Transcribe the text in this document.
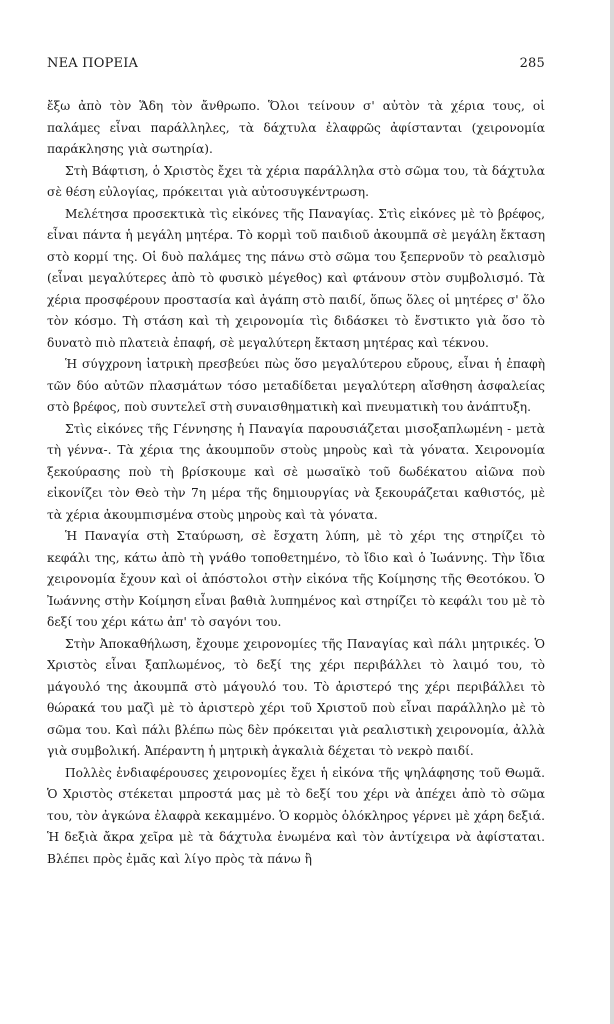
ΝΕΑ ΠΟΡΕΙΑ	285

ἔξω ἀπὸ τὸν Ἅδη τὸν ἄνθρωπο. Ὅλοι τείνουν σ' αὐτὸν τὰ χέρια τους, οἱ παλάμες εἶναι παράλληλες, τὰ δάχτυλα ἐλαφρῶς ἀφίστανται (χειρονομία παράκλησης γιὰ σωτηρία).

Στὴ Βάφτιση, ὁ Χριστὸς ἔχει τὰ χέρια παράλληλα στὸ σῶμα του, τὰ δάχτυλα σὲ θέση εὐλογίας, πρόκειται γιὰ αὐτοσυγκέντρωση.

Μελέτησα προσεκτικὰ τὶς εἰκόνες τῆς Παναγίας. Στὶς εἰκόνες μὲ τὸ βρέφος, εἶναι πάντα ἡ μεγάλη μητέρα. Τὸ κορμὶ τοῦ παιδιοῦ ἀκουμπᾶ σὲ μεγάλη ἔκταση στὸ κορμί της. Οἱ δυὸ παλάμες της πάνω στὸ σῶμα του ξεπερνοῦν τὸ ρεαλισμὸ (εἶναι μεγαλύτερες ἀπὸ τὸ φυσικὸ μέγεθος) καὶ φτάνουν στὸν συμβολισμό. Τὰ χέρια προσφέρουν προστασία καὶ ἀγάπη στὸ παιδί, ὅπως ὅλες οἱ μητέρες σ' ὅλο τὸν κόσμο. Τὴ στάση καὶ τὴ χειρονομία τὶς διδάσκει τὸ ἔνστικτο γιὰ ὅσο τὸ δυνατὸ πιὸ πλατειὰ ἐπαφή, σὲ μεγαλύτερη ἔκταση μητέρας καὶ τέκνου.

Ἡ σύγχρονη ἰατρικὴ πρεσβεύει πὼς ὅσο μεγαλύτερου εὔρους, εἶναι ἡ ἐπαφὴ τῶν δύο αὐτῶν πλασμάτων τόσο μεταδίδεται μεγαλύτερη αἴσθηση ἀσφαλείας στὸ βρέφος, ποὺ συντελεῖ στὴ συναισθηματικὴ καὶ πνευματικὴ του ἀνάπτυξη.

Στὶς εἰκόνες τῆς Γέννησης ἡ Παναγία παρουσιάζεται μισοξαπλωμένη - μετὰ τὴ γέννα-. Τὰ χέρια της ἀκουμποῦν στοὺς μηροὺς καὶ τὰ γόνατα. Χειρονομία ξεκούρασης ποὺ τὴ βρίσκουμε καὶ σὲ μωσαϊκὸ τοῦ δωδέκατου αἰῶνα ποὺ εἰκονίζει τὸν Θεὸ τὴν 7η μέρα τῆς δημιουργίας νὰ ξεκουράζεται καθιστός, μὲ τὰ χέρια ἀκουμπισμένα στοὺς μηροὺς καὶ τὰ γόνατα.

Ἡ Παναγία στὴ Σταύρωση, σὲ ἔσχατη λύπη, μὲ τὸ χέρι της στηρίζει τὸ κεφάλι της, κάτω ἀπὸ τὴ γνάθο τοποθετημένο, τὸ ἴδιο καὶ ὁ Ἰωάννης. Τὴν ἴδια χειρονομία ἔχουν καὶ οἱ ἀπόστολοι στὴν εἰκόνα τῆς Κοίμησης τῆς Θεοτόκου. Ὁ Ἰωάννης στὴν Κοίμηση εἶναι βαθιὰ λυπημένος καὶ στηρίζει τὸ κεφάλι του μὲ τὸ δεξί του χέρι κάτω ἀπ' τὸ σαγόνι του.

Στὴν Ἀποκαθήλωση, ἔχουμε χειρονομίες τῆς Παναγίας καὶ πάλι μητρικές. Ὁ Χριστὸς εἶναι ξαπλωμένος, τὸ δεξί της χέρι περιβάλλει τὸ λαιμό του, τὸ μάγουλό της ἀκουμπᾶ στὸ μάγουλό του. Τὸ ἀριστερό της χέρι περιβάλλει τὸ θώρακά του μαζὶ μὲ τὸ ἀριστερὸ χέρι τοῦ Χριστοῦ ποὺ εἶναι παράλληλο μὲ τὸ σῶμα του. Καὶ πάλι βλέπω πὼς δὲν πρόκειται γιὰ ρεαλιστικὴ χειρονομία, ἀλλὰ γιὰ συμβολική. Ἀπέραντη ἡ μητρικὴ ἀγκαλιὰ δέχεται τὸ νεκρὸ παιδί.

Πολλὲς ἐνδιαφέρουσες χειρονομίες ἔχει ἡ εἰκόνα τῆς ψηλάφησης τοῦ Θωμᾶ. Ὁ Χριστὸς στέκεται μπροστά μας μὲ τὸ δεξί του χέρι νὰ ἀπέχει ἀπὸ τὸ σῶμα του, τὸν ἀγκώνα ἐλαφρὰ κεκαμμένο. Ὁ κορμὸς ὁλόκληρος γέρνει μὲ χάρη δεξιά. Ἡ δεξιὰ ἄκρα χεῖρα μὲ τὰ δάχτυλα ἑνωμένα καὶ τὸν ἀντίχειρα νὰ ἀφίσταται. Βλέπει πρὸς ἐμᾶς καὶ λίγο πρὸς τὰ πάνω ἢ
